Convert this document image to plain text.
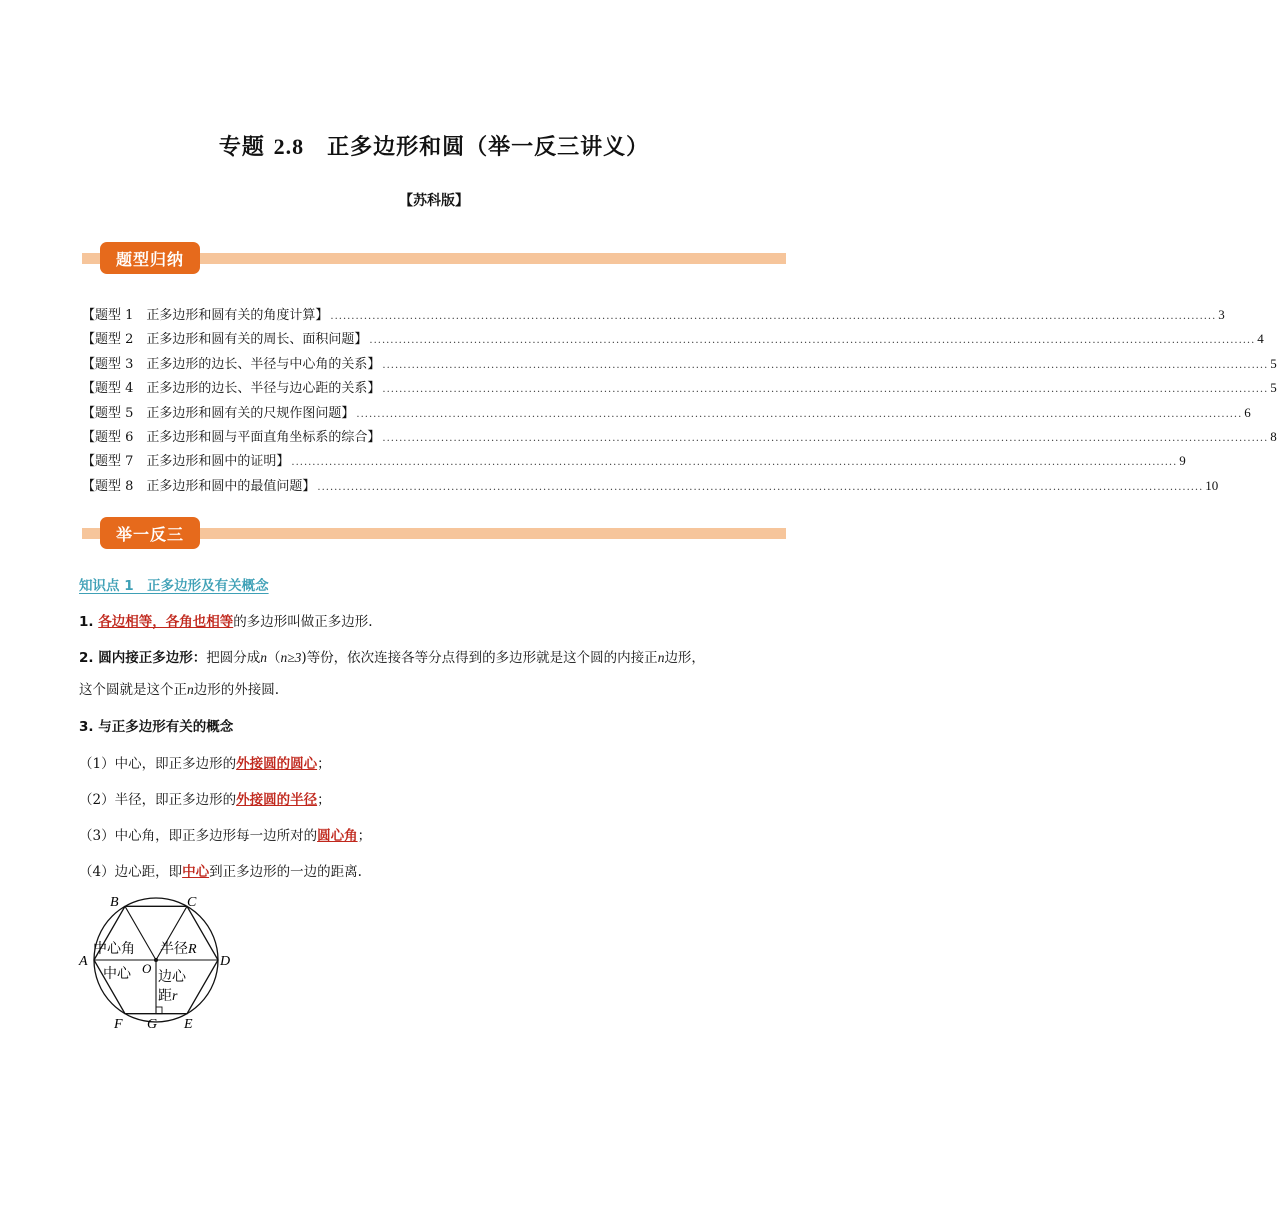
专题 2.8　 正多边形和圆（举一反三讲义）
【苏科版】
题型归纳
【题型 1　正多边形和圆有关的角度计算】 .................................................................................................................................................................................................................... 3
【题型 2　正多边形和圆有关的周长、面积问题】 .................................................................................................................................................................................................................... 4
【题型 3　正多边形的边长、半径与中心角的关系】 .................................................................................................................................................................................................................... 5
【题型 4　正多边形的边长、半径与边心距的关系】 .................................................................................................................................................................................................................... 5
【题型 5　正多边形和圆有关的尺规作图问题】 .................................................................................................................................................................................................................... 6
【题型 6　正多边形和圆与平面直角坐标系的综合】 .................................................................................................................................................................................................................... 8
【题型 7　正多边形和圆中的证明】 .................................................................................................................................................................................................................... 9
【题型 8　正多边形和圆中的最值问题】 .................................................................................................................................................................................................................... 10
举一反三
知识点 1　正多边形及有关概念
1. 各边相等，各角也相等的多边形叫做正多边形.
2. 圆内接正多边形：把圆分成n（n≥3)等份，依次连接各等分点得到的多边形就是这个圆的内接正n边形，
这个圆就是这个正n边形的外接圆.
3. 与正多边形有关的概念
（1）中心，即正多边形的外接圆的圆心；
（2）半径，即正多边形的外接圆的半径；
（3）中心角，即正多边形每一边所对的圆心角；
（4）边心距，即中心到正多边形的一边的距离.
A
B	C
D
E
F G
O
中心角 半径R
中心 边心
距r
